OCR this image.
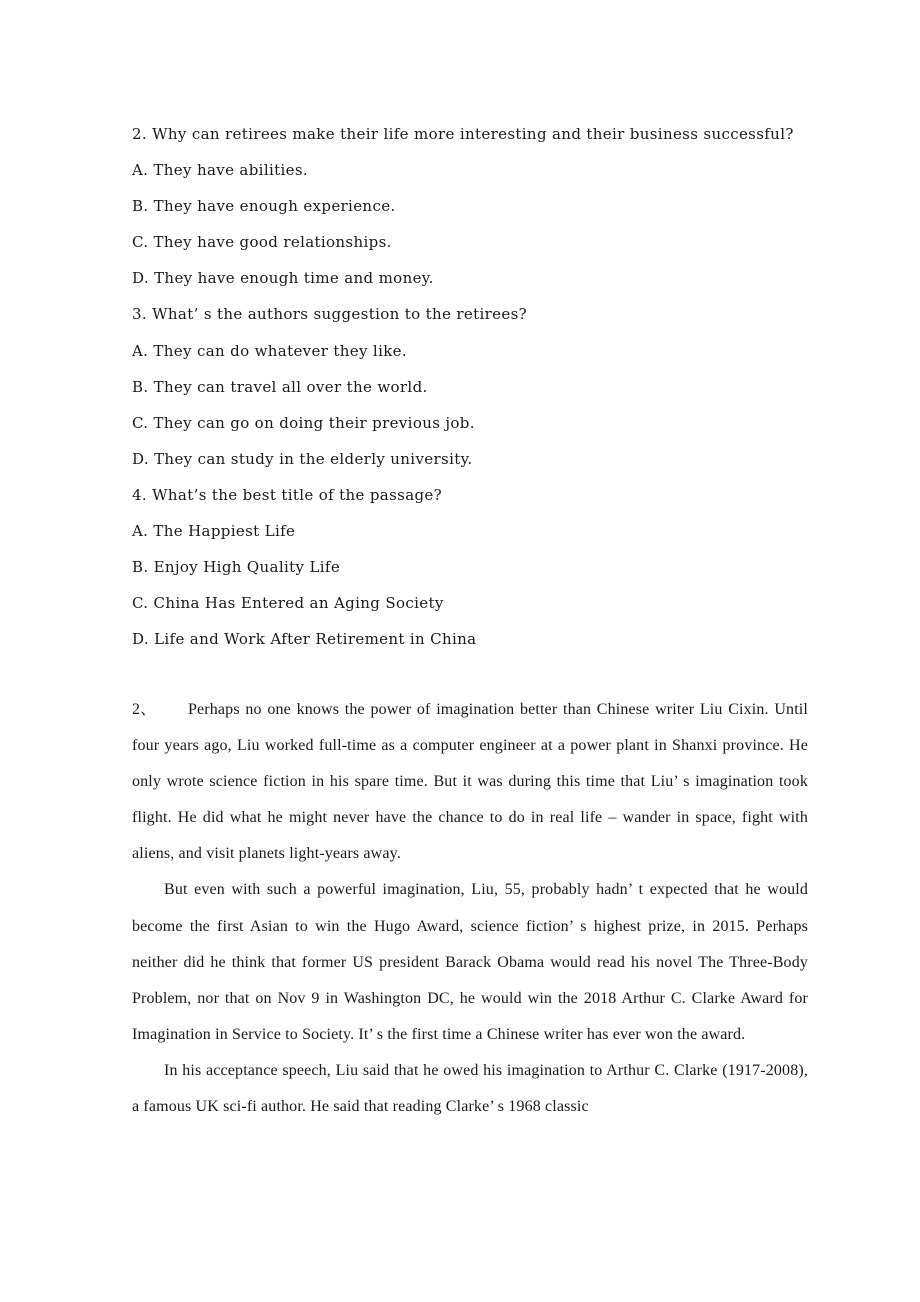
2. Why can retirees make their life more interesting and their business successful?
A. They have abilities.
B. They have enough experience.
C. They have good relationships.
D. They have enough time and money.
3. What’ s the authors suggestion to the retirees?
A. They can do whatever they like.
B. They can travel all over the world.
C. They can go on doing their previous job.
D. They can study in the elderly university.
4. What’s the best title of the passage?
A. The Happiest Life
B. Enjoy High Quality Life
C. China Has Entered an Aging Society
D. Life and Work After Retirement in China

2、 Perhaps no one knows the power of imagination better than Chinese writer Liu Cixin. Until four years ago, Liu worked full-time as a computer engineer at a power plant in Shanxi province. He only wrote science fiction in his spare time. But it was during this time that Liu’ s imagination took flight. He did what he might never have the chance to do in real life – wander in space, fight with aliens, and visit planets light-years away.

But even with such a powerful imagination, Liu, 55, probably hadn’ t expected that he would become the first Asian to win the Hugo Award, science fiction’ s highest prize, in 2015. Perhaps neither did he think that former US president Barack Obama would read his novel The Three-Body Problem, nor that on Nov 9 in Washington DC, he would win the 2018 Arthur C. Clarke Award for Imagination in Service to Society. It’ s the first time a Chinese writer has ever won the award.

In his acceptance speech, Liu said that he owed his imagination to Arthur C. Clarke (1917-2008), a famous UK sci-fi author. He said that reading Clarke’ s 1968 classic
